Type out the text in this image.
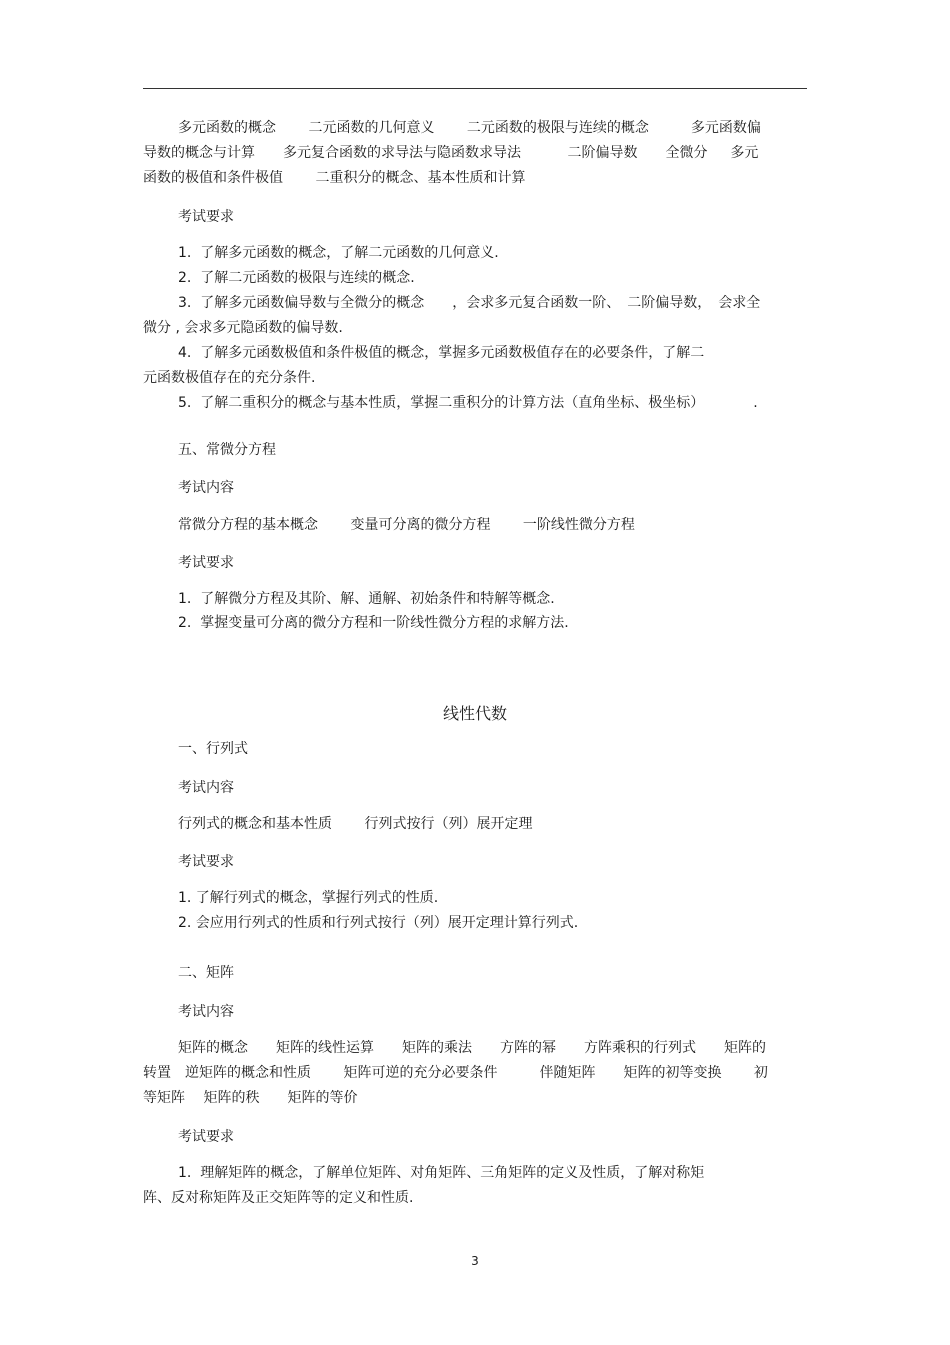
多元函数的概念　　 二元函数的几何意义　　 二元函数的极限与连续的概念　　　多元函数偏
导数的概念与计算　　多元复合函数的求导法与隐函数求导法　　　 二阶偏导数　　全微分　  多元
函数的极值和条件极值　　 二重积分的概念、基本性质和计算
考试要求
1.  了解多元函数的概念，了解二元函数的几何意义.
2.  了解二元函数的极限与连续的概念.
3.  了解多元函数偏导数与全微分的概念　　，会求多元复合函数一阶、　二阶偏导数，　会求全
微分 , 会求多元隐函数的偏导数.
4.  了解多元函数极值和条件极值的概念，掌握多元函数极值存在的必要条件，了解二
元函数极值存在的充分条件.
5.  了解二重积分的概念与基本性质，掌握二重积分的计算方法（直角坐标、极坐标）　　　　.
五、常微分方程
考试内容
常微分方程的基本概念　　 变量可分离的微分方程　　 一阶线性微分方程
考试要求
1.  了解微分方程及其阶、解、通解、初始条件和特解等概念.
2.  掌握变量可分离的微分方程和一阶线性微分方程的求解方法.
线性代数
一、行列式
考试内容
行列式的概念和基本性质　　 行列式按行（列）展开定理
考试要求
1. 了解行列式的概念，掌握行列式的性质.
2. 会应用行列式的性质和行列式按行（列）展开定理计算行列式.
二、矩阵
考试内容
矩阵的概念　　矩阵的线性运算　　矩阵的乘法　　方阵的幂　　方阵乘积的行列式　　矩阵的
转置　逆矩阵的概念和性质　　 矩阵可逆的充分必要条件　　　伴随矩阵　　矩阵的初等变换　　 初
等矩阵　 矩阵的秩　　矩阵的等价
考试要求
1.  理解矩阵的概念，了解单位矩阵、对角矩阵、三角矩阵的定义及性质，了解对称矩
阵、反对称矩阵及正交矩阵等的定义和性质.
3
